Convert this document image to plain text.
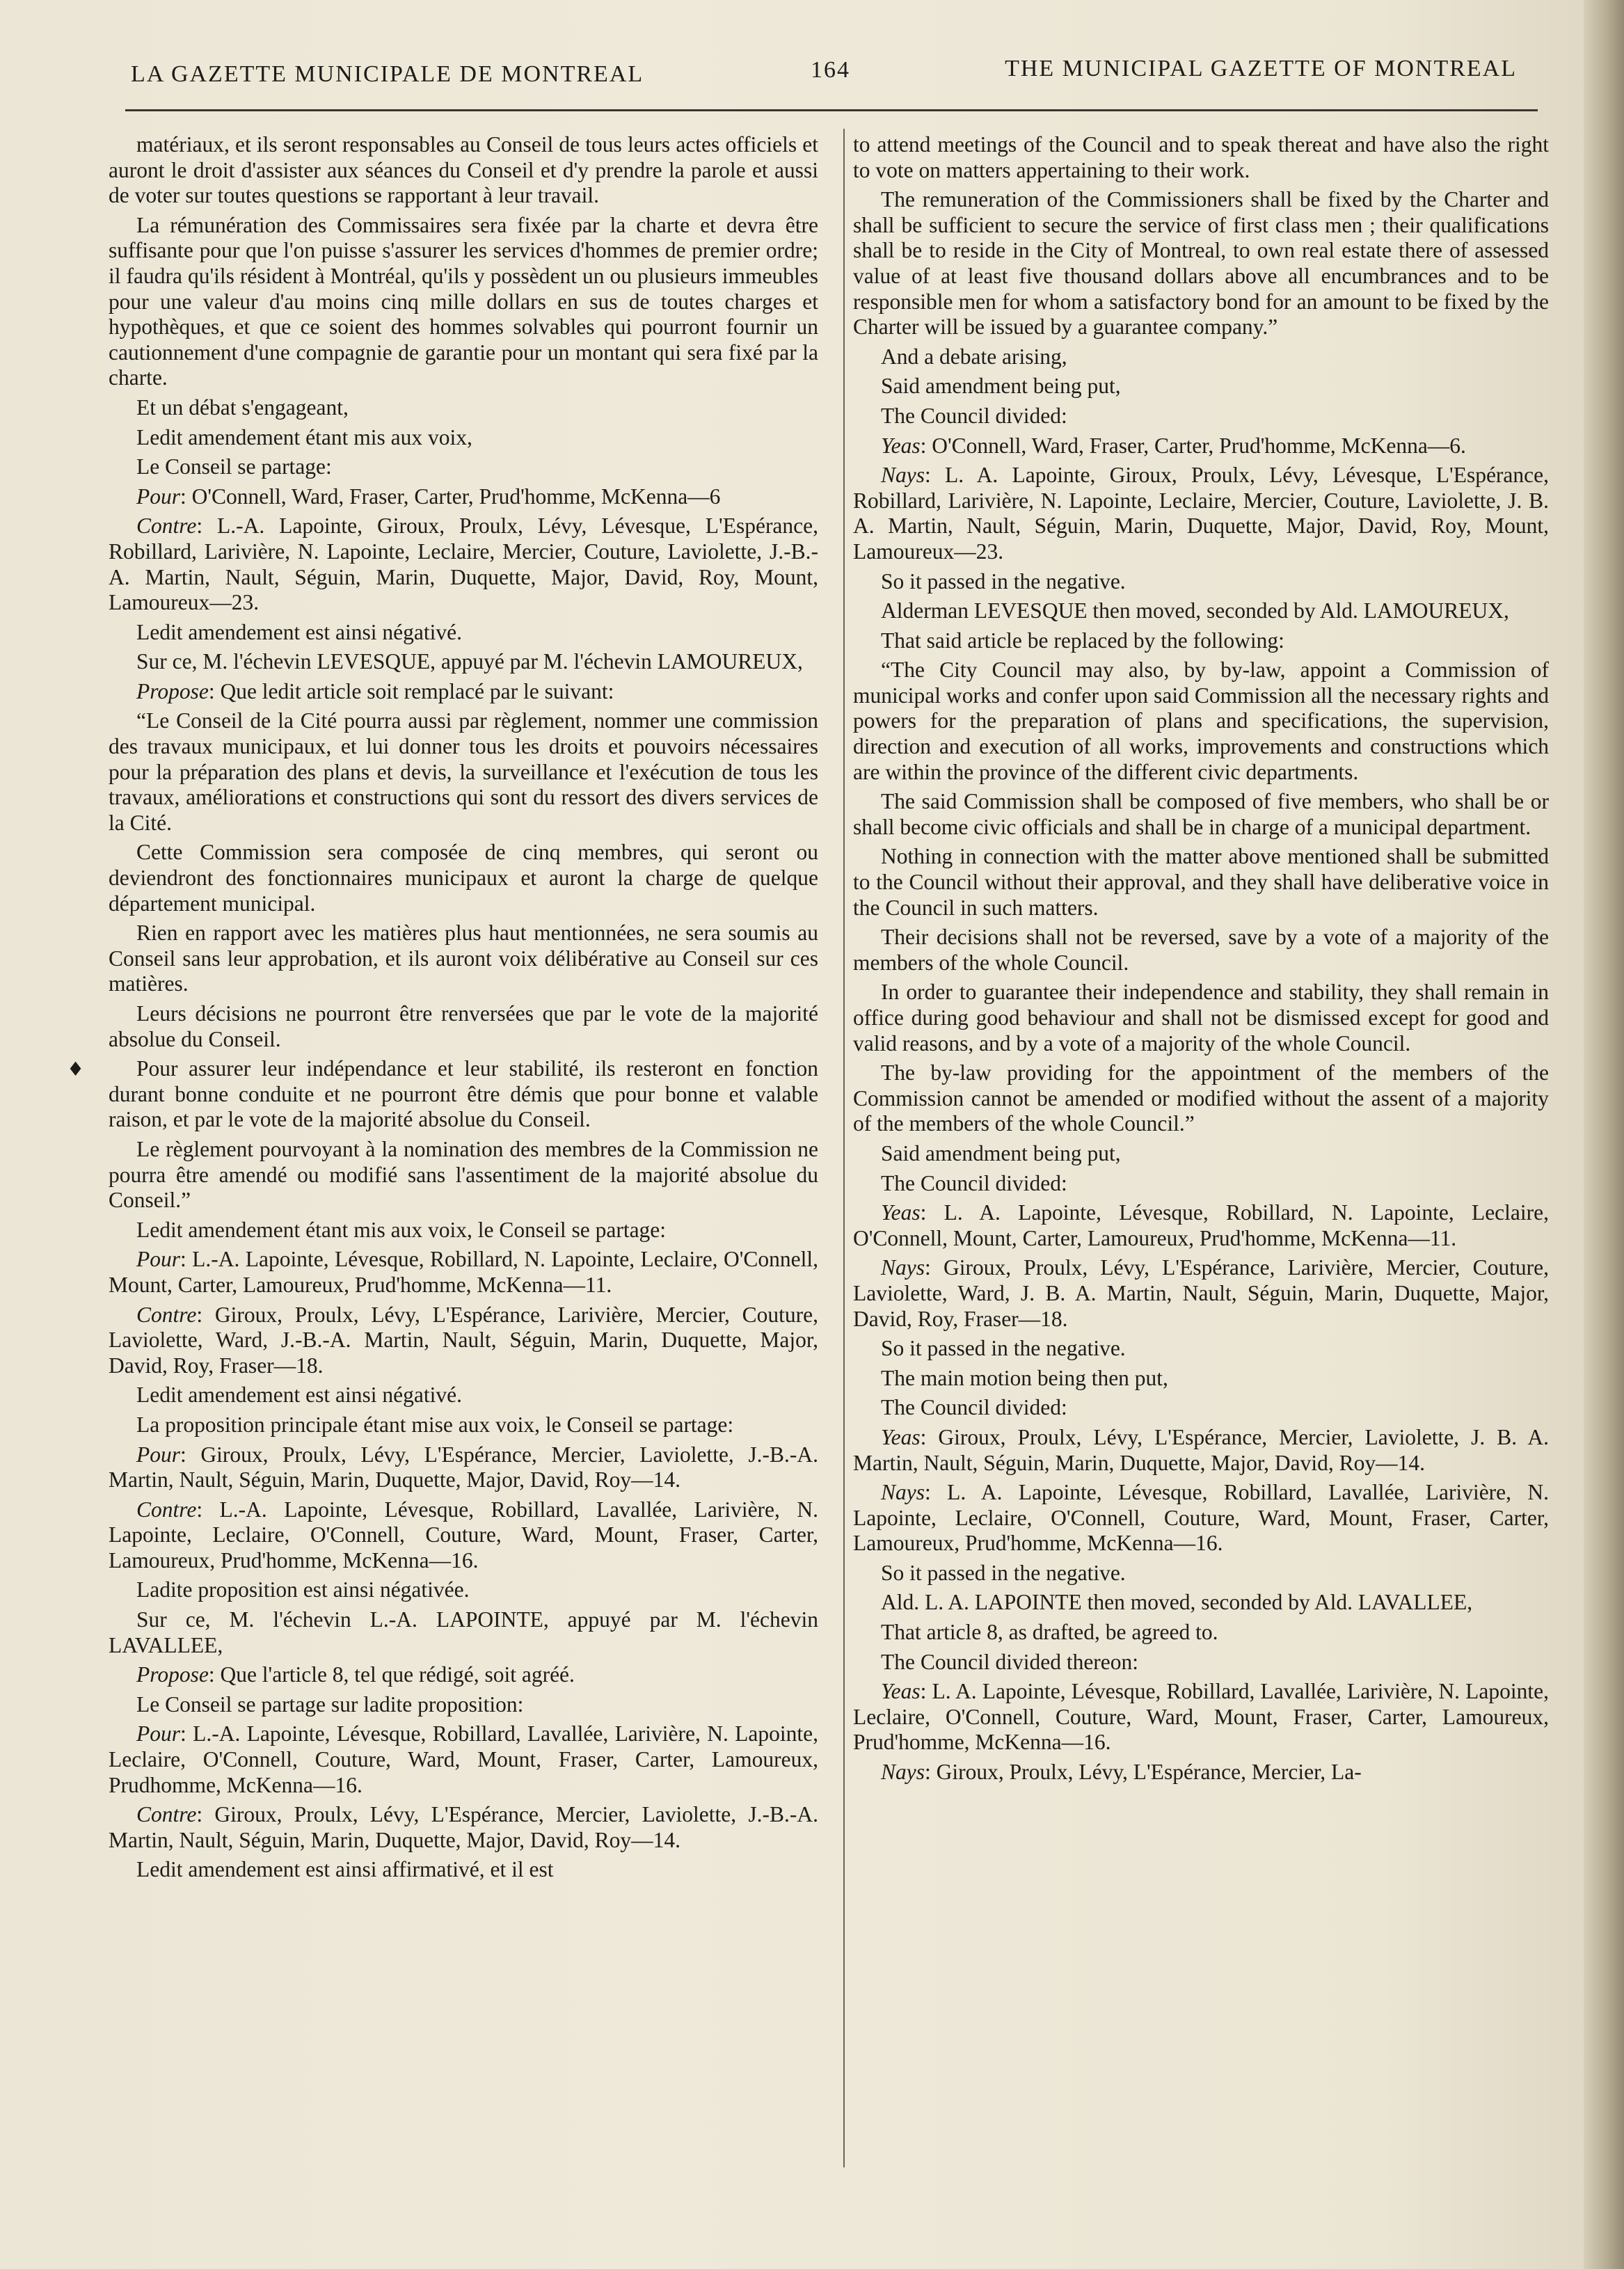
LA GAZETTE MUNICIPALE DE MONTREAL	164	THE MUNICIPAL GAZETTE OF MONTREAL

matériaux, et ils seront responsables au Conseil de tous leurs actes officiels et auront le droit d'assister aux séances du Conseil et d'y prendre la parole et aussi de voter sur toutes questions se rapportant à leur travail.

La rémunération des Commissaires sera fixée par la charte et devra être suffisante pour que l'on puisse s'assurer les services d'hommes de premier ordre; il faudra qu'ils résident à Montréal, qu'ils y possèdent un ou plusieurs immeubles pour une valeur d'au moins cinq mille dollars en sus de toutes charges et hypothèques, et que ce soient des hommes solvables qui pourront fournir un cautionnement d'une compagnie de garantie pour un montant qui sera fixé par la charte.

Et un débat s'engageant,

Ledit amendement étant mis aux voix,

Le Conseil se partage:

Pour: O'Connell, Ward, Fraser, Carter, Prud'homme, McKenna—6

Contre: L.-A. Lapointe, Giroux, Proulx, Lévy, Lévesque, L'Espérance, Robillard, Larivière, N. Lapointe, Leclaire, Mercier, Couture, Laviolette, J.-B.-A. Martin, Nault, Séguin, Marin, Duquette, Major, David, Roy, Mount, Lamoureux—23.

Ledit amendement est ainsi négativé.

Sur ce, M. l'échevin LEVESQUE, appuyé par M. l'échevin LAMOUREUX,

Propose: Que ledit article soit remplacé par le suivant:

“Le Conseil de la Cité pourra aussi par règlement, nommer une commission des travaux municipaux, et lui donner tous les droits et pouvoirs nécessaires pour la préparation des plans et devis, la surveillance et l'exécution de tous les travaux, améliorations et constructions qui sont du ressort des divers services de la Cité.

Cette Commission sera composée de cinq membres, qui seront ou deviendront des fonctionnaires municipaux et auront la charge de quelque département municipal.

Rien en rapport avec les matières plus haut mentionnées, ne sera soumis au Conseil sans leur approbation, et ils auront voix délibérative au Conseil sur ces matières.

Leurs décisions ne pourront être renversées que par le vote de la majorité absolue du Conseil.

Pour assurer leur indépendance et leur stabilité, ils resteront en fonction durant bonne conduite et ne pourront être démis que pour bonne et valable raison, et par le vote de la majorité absolue du Conseil.

Le règlement pourvoyant à la nomination des membres de la Commission ne pourra être amendé ou modifié sans l'assentiment de la majorité absolue du Conseil.”

Ledit amendement étant mis aux voix, le Conseil se partage:

Pour: L.-A. Lapointe, Lévesque, Robillard, N. Lapointe, Leclaire, O'Connell, Mount, Carter, Lamoureux, Prud'homme, McKenna—11.

Contre: Giroux, Proulx, Lévy, L'Espérance, Larivière, Mercier, Couture, Laviolette, Ward, J.-B.-A. Martin, Nault, Séguin, Marin, Duquette, Major, David, Roy, Fraser—18.

Ledit amendement est ainsi négativé.

La proposition principale étant mise aux voix, le Conseil se partage:

Pour: Giroux, Proulx, Lévy, L'Espérance, Mercier, Laviolette, J.-B.-A. Martin, Nault, Séguin, Marin, Duquette, Major, David, Roy—14.

Contre: L.-A. Lapointe, Lévesque, Robillard, Lavallée, Larivière, N. Lapointe, Leclaire, O'Connell, Couture, Ward, Mount, Fraser, Carter, Lamoureux, Prud'homme, McKenna—16.

Ladite proposition est ainsi négativée.

Sur ce, M. l'échevin L.-A. LAPOINTE, appuyé par M. l'échevin LAVALLEE,

Propose: Que l'article 8, tel que rédigé, soit agréé.

Le Conseil se partage sur ladite proposition:

Pour: L.-A. Lapointe, Lévesque, Robillard, Lavallée, Larivière, N. Lapointe, Leclaire, O'Connell, Couture, Ward, Mount, Fraser, Carter, Lamoureux, Prudhomme, McKenna—16.

Contre: Giroux, Proulx, Lévy, L'Espérance, Mercier, Laviolette, J.-B.-A. Martin, Nault, Séguin, Marin, Duquette, Major, David, Roy—14.

Ledit amendement est ainsi affirmativé, et il est

to attend meetings of the Council and to speak thereat and have also the right to vote on matters appertaining to their work.

The remuneration of the Commissioners shall be fixed by the Charter and shall be sufficient to secure the service of first class men ; their qualifications shall be to reside in the City of Montreal, to own real estate there of assessed value of at least five thousand dollars above all encumbrances and to be responsible men for whom a satisfactory bond for an amount to be fixed by the Charter will be issued by a guarantee company.”

And a debate arising,

Said amendment being put,

The Council divided:

Yeas: O'Connell, Ward, Fraser, Carter, Prud'homme, McKenna—6.

Nays: L. A. Lapointe, Giroux, Proulx, Lévy, Lévesque, L'Espérance, Robillard, Larivière, N. Lapointe, Leclaire, Mercier, Couture, Laviolette, J. B. A. Martin, Nault, Séguin, Marin, Duquette, Major, David, Roy, Mount, Lamoureux—23.

So it passed in the negative.

Alderman LEVESQUE then moved, seconded by Ald. LAMOUREUX,

That said article be replaced by the following:

“The City Council may also, by by-law, appoint a Commission of municipal works and confer upon said Commission all the necessary rights and powers for the preparation of plans and specifications, the supervision, direction and execution of all works, improvements and constructions which are within the province of the different civic departments.

The said Commission shall be composed of five members, who shall be or shall become civic officials and shall be in charge of a municipal department.

Nothing in connection with the matter above mentioned shall be submitted to the Council without their approval, and they shall have deliberative voice in the Council in such matters.

Their decisions shall not be reversed, save by a vote of a majority of the members of the whole Council.

In order to guarantee their independence and stability, they shall remain in office during good behaviour and shall not be dismissed except for good and valid reasons, and by a vote of a majority of the whole Council.

The by-law providing for the appointment of the members of the Commission cannot be amended or modified without the assent of a majority of the members of the whole Council.”

Said amendment being put,

The Council divided:

Yeas: L. A. Lapointe, Lévesque, Robillard, N. Lapointe, Leclaire, O'Connell, Mount, Carter, Lamoureux, Prud'homme, McKenna—11.

Nays: Giroux, Proulx, Lévy, L'Espérance, Larivière, Mercier, Couture, Laviolette, Ward, J. B. A. Martin, Nault, Séguin, Marin, Duquette, Major, David, Roy, Fraser—18.

So it passed in the negative.

The main motion being then put,

The Council divided:

Yeas: Giroux, Proulx, Lévy, L'Espérance, Mercier, Laviolette, J. B. A. Martin, Nault, Séguin, Marin, Duquette, Major, David, Roy—14.

Nays: L. A. Lapointe, Lévesque, Robillard, Lavallée, Larivière, N. Lapointe, Leclaire, O'Connell, Couture, Ward, Mount, Fraser, Carter, Lamoureux, Prud'homme, McKenna—16.

So it passed in the negative.

Ald. L. A. LAPOINTE then moved, seconded by Ald. LAVALLEE,

That article 8, as drafted, be agreed to.

The Council divided thereon:

Yeas: L. A. Lapointe, Lévesque, Robillard, Lavallée, Larivière, N. Lapointe, Leclaire, O'Connell, Couture, Ward, Mount, Fraser, Carter, Lamoureux, Prud'homme, McKenna—16.

Nays: Giroux, Proulx, Lévy, L'Espérance, Mercier, La-

♦
